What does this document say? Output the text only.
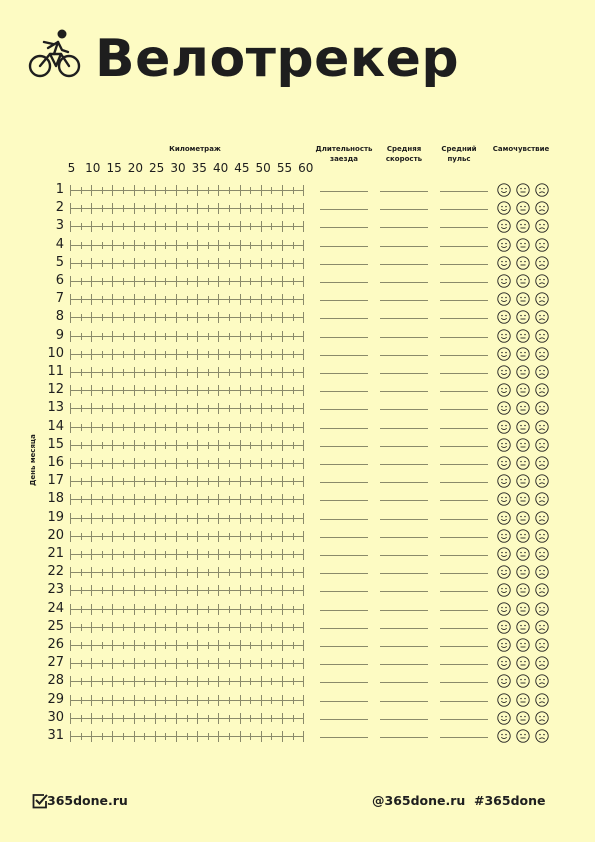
Велотрекер
Километраж	Длительность заезда
Средняя скорость
Средний пульс
Самочувствие
5 10 15 20 25 30 35 40 45 50 55 60
1
2
3
4
5
6
7
8
9
10
11
12
13
14
15
16
17
18
19
20
21
22
23
24
25
26
27
28
29
30
31
День месяца
365done.ru	@365done.ru #365done
